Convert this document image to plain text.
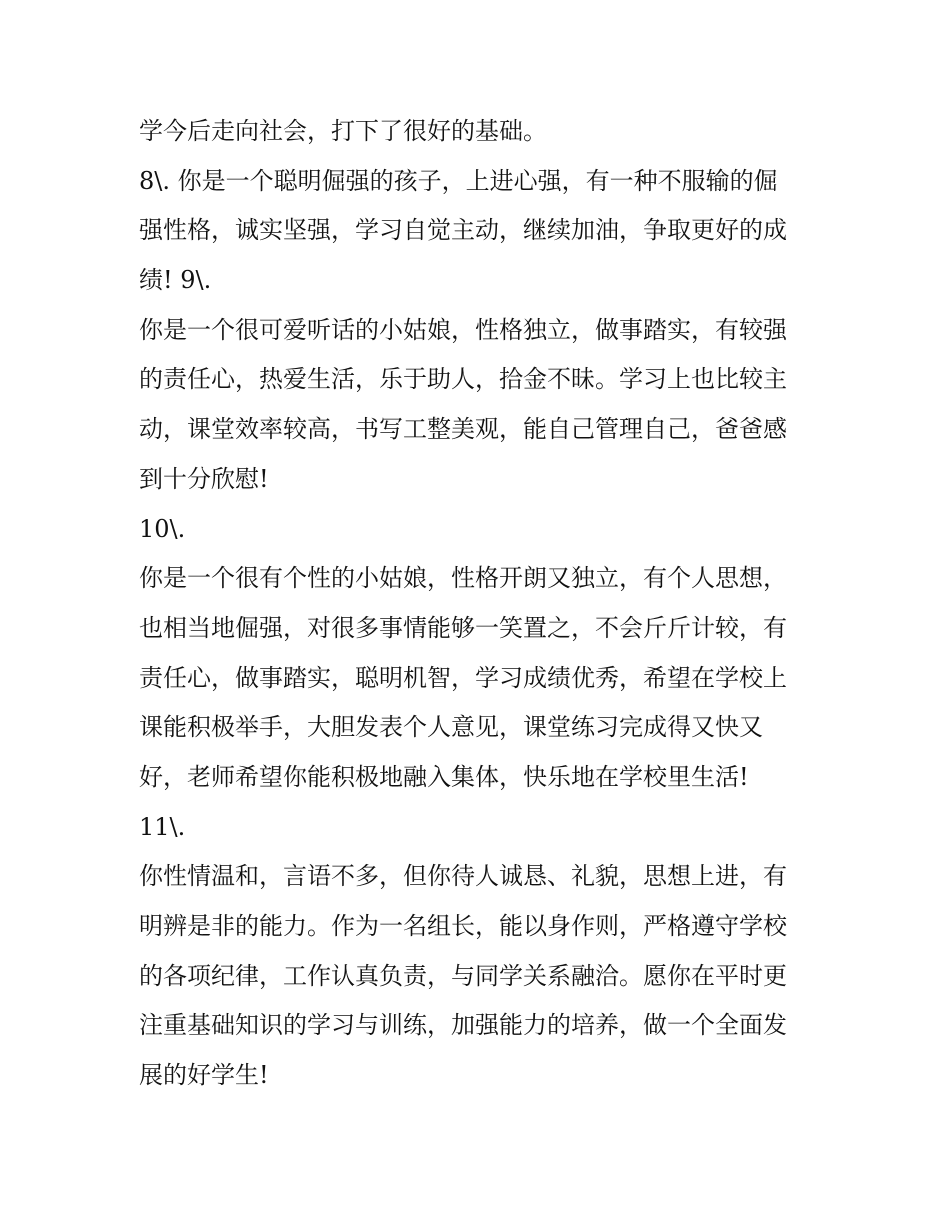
学今后走向社会，打下了很好的基础。
8\. 你是一个聪明倔强的孩子，上进心强，有一种不服输的倔
强性格，诚实坚强，学习自觉主动，继续加油，争取更好的成
绩! 9\.
你是一个很可爱听话的小姑娘，性格独立，做事踏实，有较强
的责任心，热爱生活，乐于助人，拾金不昧。学习上也比较主
动，课堂效率较高，书写工整美观，能自己管理自己，爸爸感
到十分欣慰!
10\.
你是一个很有个性的小姑娘，性格开朗又独立，有个人思想，
也相当地倔强，对很多事情能够一笑置之，不会斤斤计较，有
责任心，做事踏实，聪明机智，学习成绩优秀，希望在学校上
课能积极举手，大胆发表个人意见，课堂练习完成得又快又
好，老师希望你能积极地融入集体，快乐地在学校里生活!
11\.
你性情温和，言语不多，但你待人诚恳、礼貌，思想上进，有
明辨是非的能力。作为一名组长，能以身作则，严格遵守学校
的各项纪律，工作认真负责，与同学关系融洽。愿你在平时更
注重基础知识的学习与训练，加强能力的培养，做一个全面发
展的好学生!
